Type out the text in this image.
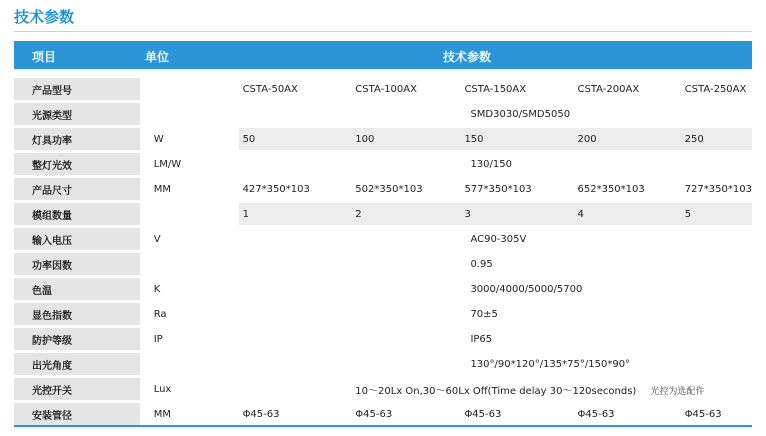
技术参数
项目	单位	技术参数
产品型号		CSTA-50AX	CSTA-100AX	CSTA-150AX	CSTA-200AX	CSTA-250AX
光源类型				SMD3030/SMD5050		
灯具功率	W	50	100	150	200	250
整灯光效	LM/W			130/150		
产品尺寸	MM	427*350*103	502*350*103	577*350*103	652*350*103	727*350*103
模组数量		1	2	3	4	5
输入电压	V			AC90-305V		
功率因数				0.95		
色温	K			3000/4000/5000/5700		
显色指数	Ra			70±5		
防护等级	IP			IP65		
出光角度				130°/90*120°/135*75°/150*90°		
光控开关	Lux		10～20Lx On,30～60Lx Off(Time delay 30～120seconds) 光控为选配件			
安装管径	MM	Φ45-63	Φ45-63	Φ45-63	Φ45-63	Φ45-63
